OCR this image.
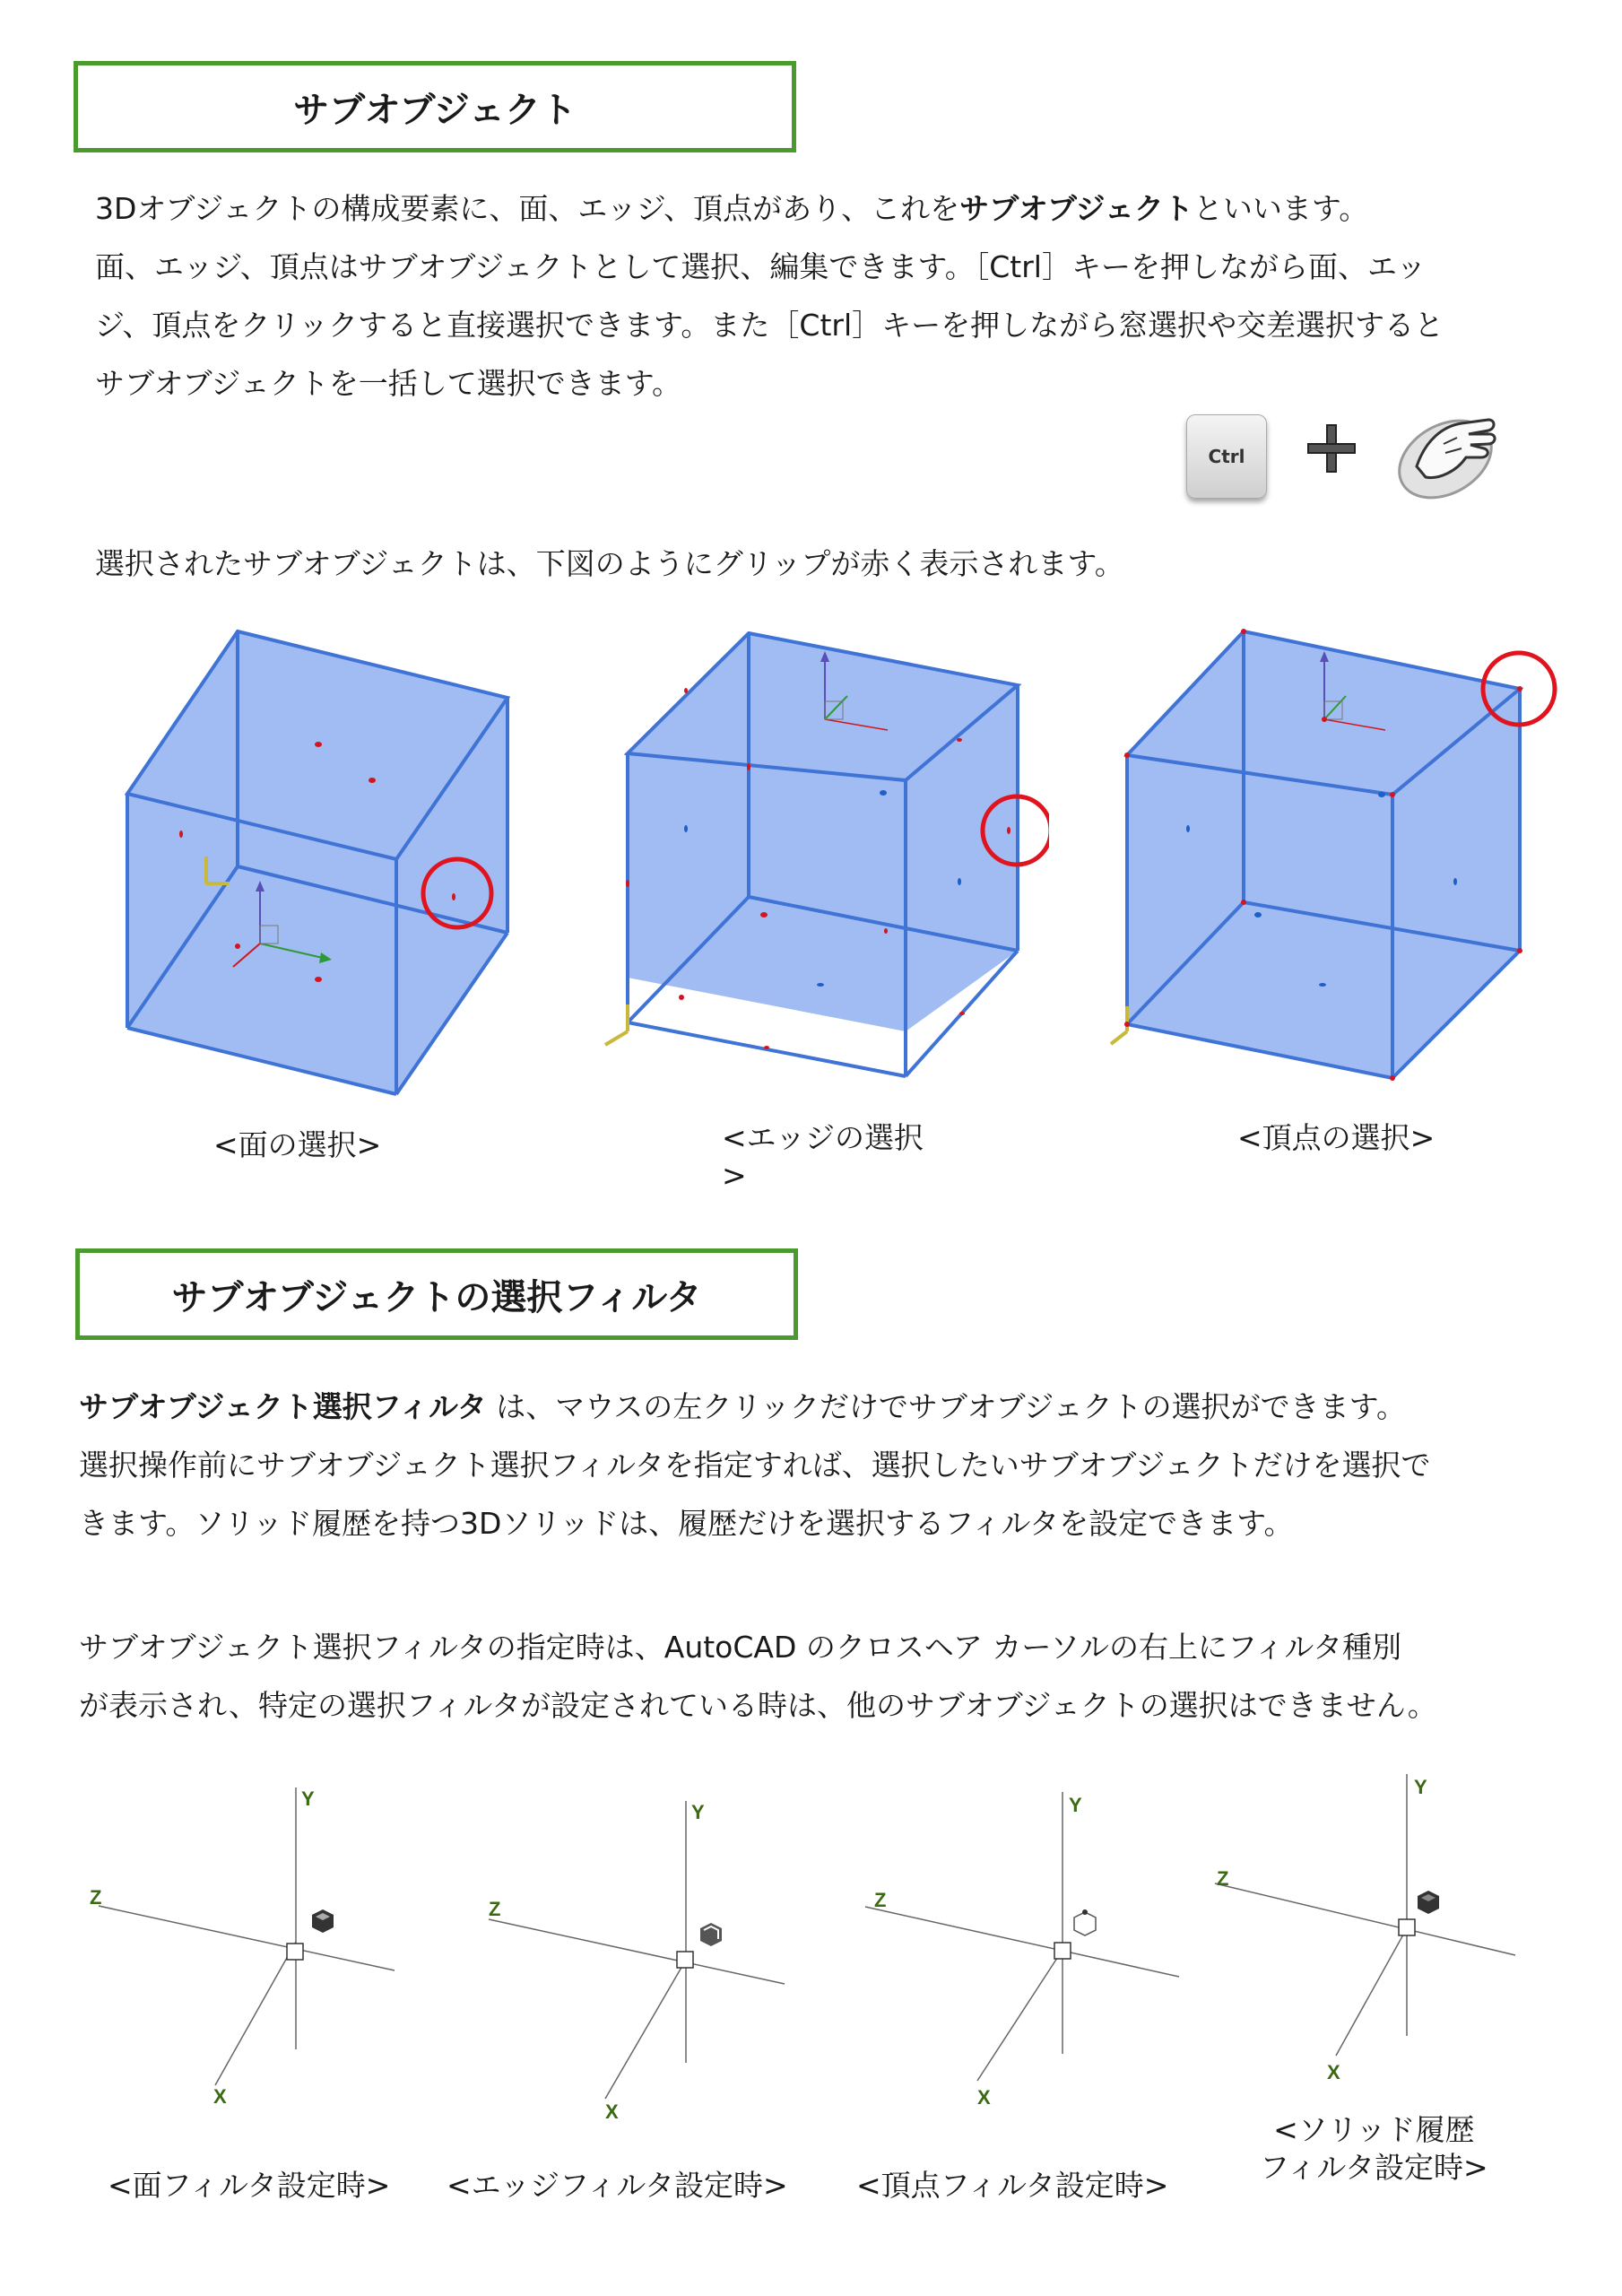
サブオブジェクト
3Dオブジェクトの構成要素に、面、エッジ、頂点があり、これをサブオブジェクトといいます。
面、エッジ、頂点はサブオブジェクトとして選択、編集できます。［Ctrl］キーを押しながら面、エッ
ジ、頂点をクリックすると直接選択できます。また［Ctrl］キーを押しながら窓選択や交差選択すると
サブオブジェクトを一括して選択できます。
Ctrl
選択されたサブオブジェクトは、下図のようにグリップが赤く表示されます。
<面の選択>	<エッジの選択
>
<頂点の選択>
サブオブジェクトの選択フィルタ
サブオブジェクト選択フィルタ は、マウスの左クリックだけでサブオブジェクトの選択ができます。
選択操作前にサブオブジェクト選択フィルタを指定すれば、選択したいサブオブジェクトだけを選択で
きます。ソリッド履歴を持つ3Dソリッドは、履歴だけを選択するフィルタを設定できます。
サブオブジェクト選択フィルタの指定時は、AutoCAD のクロスヘア カーソルの右上にフィルタ種別
が表示され、特定の選択フィルタが設定されている時は、他のサブオブジェクトの選択はできません。
Y
Z
X
Y
Z
X
Y
Z
X
Y
Z
X
<面フィルタ設定時> <エッジフィルタ設定時> <頂点フィルタ設定時>
<ソリッド履歴
フィルタ設定時>
